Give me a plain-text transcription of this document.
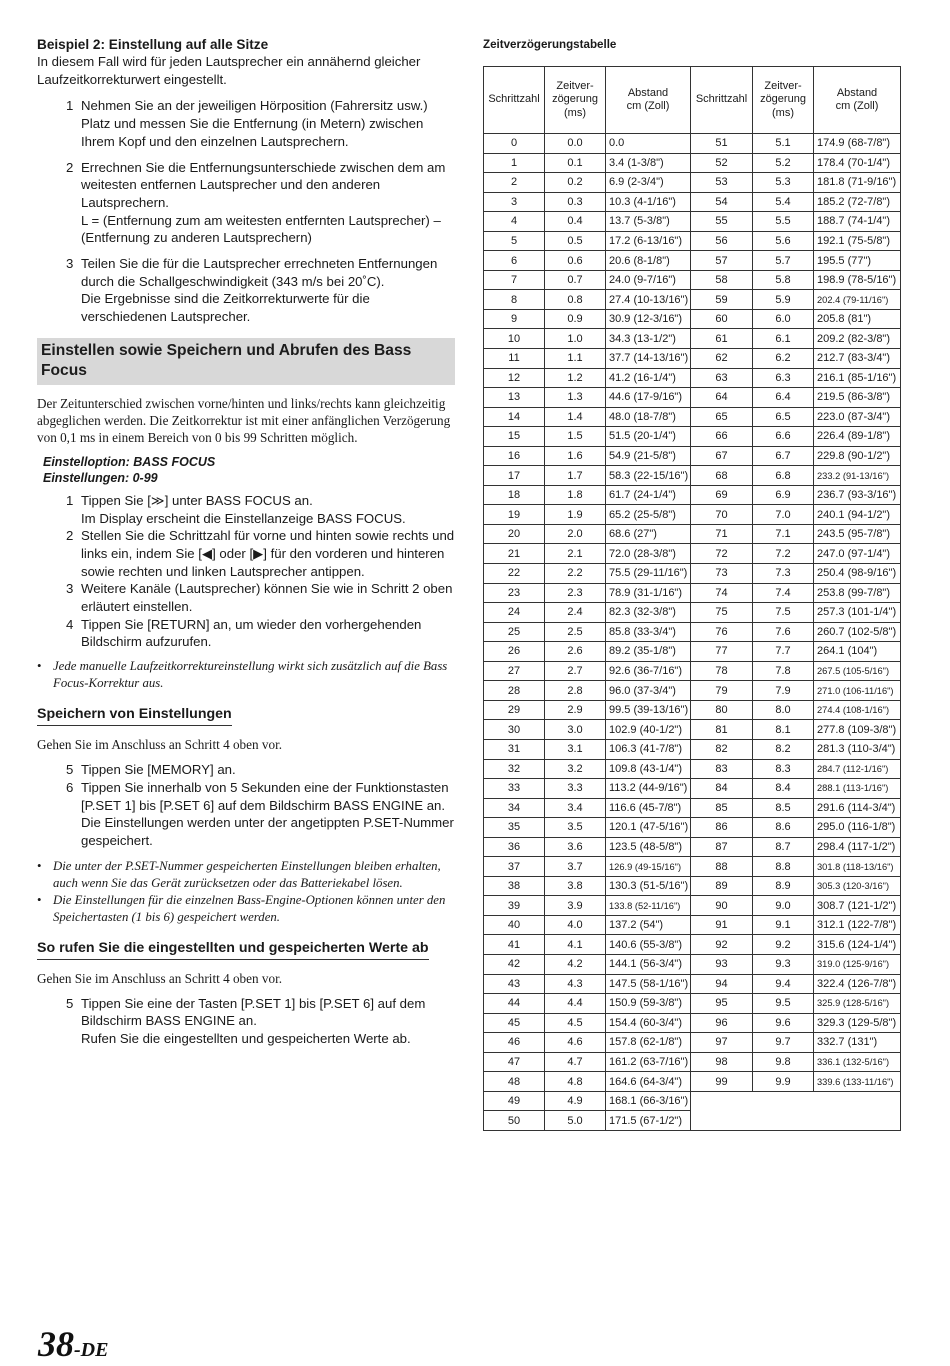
Beispiel 2: Einstellung auf alle Sitze

In diesem Fall wird für jeden Lautsprecher ein annähernd gleicher Laufzeitkorrekturwert eingestellt.

1 Nehmen Sie an der jeweiligen Hörposition (Fahrersitz usw.) Platz und messen Sie die Entfernung (in Metern) zwischen Ihrem Kopf und den einzelnen Lautsprechern.
2 Errechnen Sie die Entfernungsunterschiede zwischen dem am weitesten entfernen Lautsprecher und den anderen Lautsprechern.
L = (Entfernung zum am weitesten entfernten Lautsprecher) – (Entfernung zu anderen Lautsprechern)
3 Teilen Sie die für die Lautsprecher errechneten Entfernungen durch die Schallgeschwindigkeit (343 m/s bei 20˚C).
Die Ergebnisse sind die Zeitkorrekturwerte für die verschiedenen Lautsprecher.
Einstellen sowie Speichern und Abrufen des Bass Focus

Der Zeitunterschied zwischen vorne/hinten und links/rechts kann gleichzeitig abgeglichen werden. Die Zeitkorrektur ist mit einer anfänglichen Verzögerung von 0,1 ms in einem Bereich von 0 bis 99 Schritten möglich.

Einstelloption: BASS FOCUS
Einstellungen: 0-99
1 Tippen Sie [≫] unter BASS FOCUS an.
Im Display erscheint die Einstellanzeige BASS FOCUS.
2 Stellen Sie die Schrittzahl für vorne und hinten sowie rechts und links ein, indem Sie [◀] oder [▶] für den vorderen und hinteren sowie rechten und linken Lautsprecher antippen.
3 Weitere Kanäle (Lautsprecher) können Sie wie in Schritt 2 oben erläutert einstellen.
4 Tippen Sie [RETURN] an, um wieder den vorhergehenden Bildschirm aufzurufen.
• Jede manuelle Laufzeitkorrektureinstellung wirkt sich zusätzlich auf die Bass Focus-Korrektur aus.
Speichern von Einstellungen

Gehen Sie im Anschluss an Schritt 4 oben vor.

5 Tippen Sie [MEMORY] an.
6 Tippen Sie innerhalb von 5 Sekunden eine der Funktionstasten [P.SET 1] bis [P.SET 6] auf dem Bildschirm BASS ENGINE an.
Die Einstellungen werden unter der angetippten P.SET-Nummer gespeichert.
• Die unter der P.SET-Nummer gespeicherten Einstellungen bleiben erhalten, auch wenn Sie das Gerät zurücksetzen oder das Batteriekabel lösen.
• Die Einstellungen für die einzelnen Bass-Engine-Optionen können unter den Speichertasten (1 bis 6) gespeichert werden.
So rufen Sie die eingestellten und gespeicherten Werte ab

Gehen Sie im Anschluss an Schritt 4 oben vor.

5 Tippen Sie eine der Tasten [P.SET 1] bis [P.SET 6] auf dem Bildschirm BASS ENGINE an.
Rufen Sie die eingestellten und gespeicherten Werte ab.
Zeitverzögerungstabelle
Schrittzahl	Zeitver-
zögerung
(ms)	Abstand
cm (Zoll)	Schrittzahl	Zeitver-
zögerung
(ms)	Abstand
cm (Zoll)
0	0.0	0.0	51	5.1	174.9 (68-7/8")
1	0.1	3.4 (1-3/8")	52	5.2	178.4 (70-1/4")
2	0.2	6.9 (2-3/4")	53	5.3	181.8 (71-9/16")
3	0.3	10.3 (4-1/16")	54	5.4	185.2 (72-7/8")
4	0.4	13.7 (5-3/8")	55	5.5	188.7 (74-1/4")
5	0.5	17.2 (6-13/16")	56	5.6	192.1 (75-5/8")
6	0.6	20.6 (8-1/8")	57	5.7	195.5 (77")
7	0.7	24.0 (9-7/16")	58	5.8	198.9 (78-5/16")
8	0.8	27.4 (10-13/16")	59	5.9	202.4 (79-11/16")
9	0.9	30.9 (12-3/16")	60	6.0	205.8 (81")
10	1.0	34.3 (13-1/2")	61	6.1	209.2 (82-3/8")
11	1.1	37.7 (14-13/16")	62	6.2	212.7 (83-3/4")
12	1.2	41.2 (16-1/4")	63	6.3	216.1 (85-1/16")
13	1.3	44.6 (17-9/16")	64	6.4	219.5 (86-3/8")
14	1.4	48.0 (18-7/8")	65	6.5	223.0 (87-3/4")
15	1.5	51.5 (20-1/4")	66	6.6	226.4 (89-1/8")
16	1.6	54.9 (21-5/8")	67	6.7	229.8 (90-1/2")
17	1.7	58.3 (22-15/16")	68	6.8	233.2 (91-13/16")
18	1.8	61.7 (24-1/4")	69	6.9	236.7 (93-3/16")
19	1.9	65.2 (25-5/8")	70	7.0	240.1 (94-1/2")
20	2.0	68.6 (27")	71	7.1	243.5 (95-7/8")
21	2.1	72.0 (28-3/8")	72	7.2	247.0 (97-1/4")
22	2.2	75.5 (29-11/16")	73	7.3	250.4 (98-9/16")
23	2.3	78.9 (31-1/16")	74	7.4	253.8 (99-7/8")
24	2.4	82.3 (32-3/8")	75	7.5	257.3 (101-1/4")
25	2.5	85.8 (33-3/4")	76	7.6	260.7 (102-5/8")
26	2.6	89.2 (35-1/8")	77	7.7	264.1 (104")
27	2.7	92.6 (36-7/16")	78	7.8	267.5 (105-5/16")
28	2.8	96.0 (37-3/4")	79	7.9	271.0 (106-11/16")
29	2.9	99.5 (39-13/16")	80	8.0	274.4 (108-1/16")
30	3.0	102.9 (40-1/2")	81	8.1	277.8 (109-3/8")
31	3.1	106.3 (41-7/8")	82	8.2	281.3 (110-3/4")
32	3.2	109.8 (43-1/4")	83	8.3	284.7 (112-1/16")
33	3.3	113.2 (44-9/16")	84	8.4	288.1 (113-1/16")
34	3.4	116.6 (45-7/8")	85	8.5	291.6 (114-3/4")
35	3.5	120.1 (47-5/16")	86	8.6	295.0 (116-1/8")
36	3.6	123.5 (48-5/8")	87	8.7	298.4 (117-1/2")
37	3.7	126.9 (49-15/16")	88	8.8	301.8 (118-13/16")
38	3.8	130.3 (51-5/16")	89	8.9	305.3 (120-3/16")
39	3.9	133.8 (52-11/16")	90	9.0	308.7 (121-1/2")
40	4.0	137.2 (54")	91	9.1	312.1 (122-7/8")
41	4.1	140.6 (55-3/8")	92	9.2	315.6 (124-1/4")
42	4.2	144.1 (56-3/4")	93	9.3	319.0 (125-9/16")
43	4.3	147.5 (58-1/16")	94	9.4	322.4 (126-7/8")
44	4.4	150.9 (59-3/8")	95	9.5	325.9 (128-5/16")
45	4.5	154.4 (60-3/4")	96	9.6	329.3 (129-5/8")
46	4.6	157.8 (62-1/8")	97	9.7	332.7 (131")
47	4.7	161.2 (63-7/16")	98	9.8	336.1 (132-5/16")
48	4.8	164.6 (64-3/4")	99	9.9	339.6 (133-11/16")
49	4.9	168.1 (66-3/16")			
50	5.0	171.5 (67-1/2")			
38-DE
